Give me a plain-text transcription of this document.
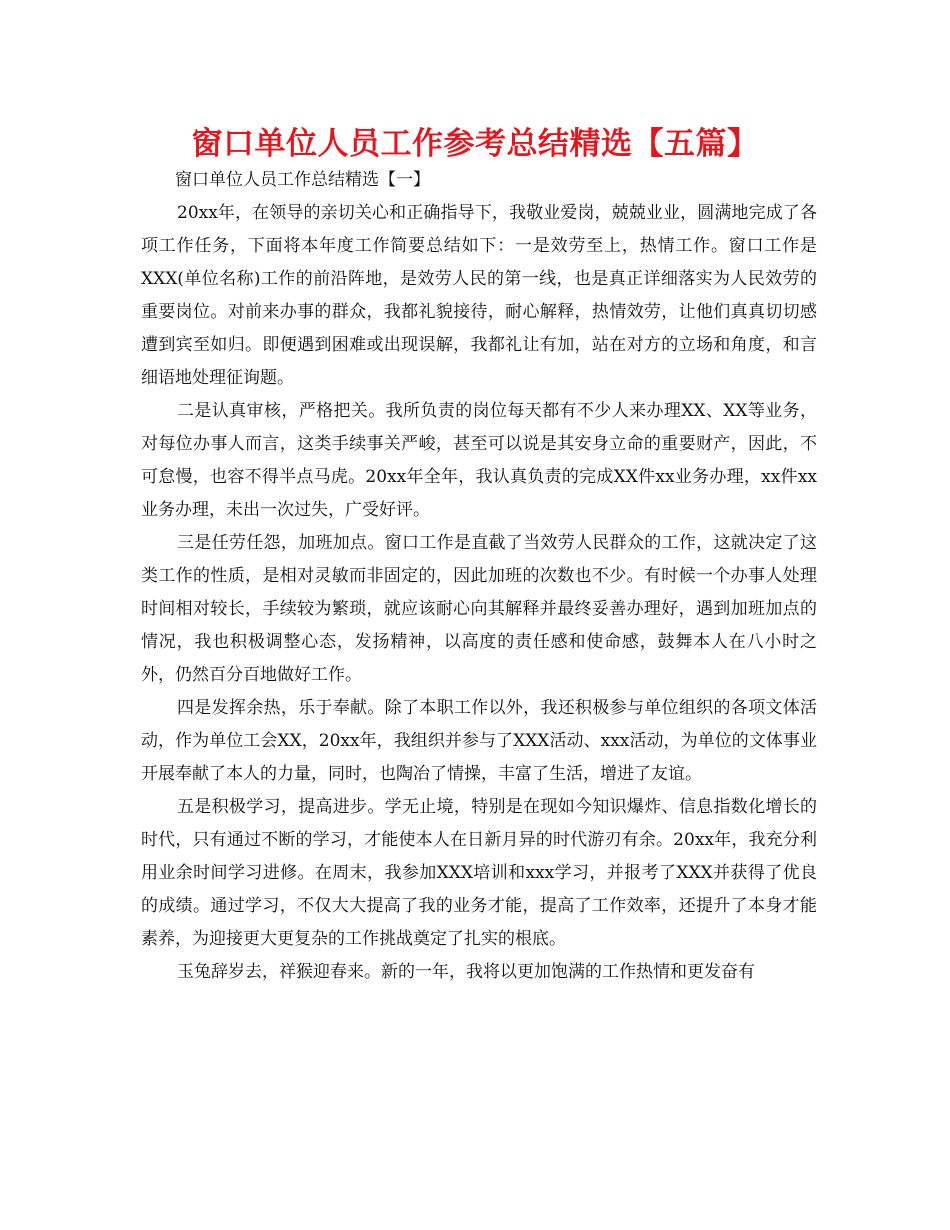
窗口单位人员工作参考总结精选【五篇】

窗口单位人员工作总结精选【一】

20xx年，在领导的亲切关心和正确指导下，我敬业爱岗，兢兢业业，圆满地完成了各项工作任务，下面将本年度工作简要总结如下：一是效劳至上，热情工作。窗口工作是XXX(单位名称)工作的前沿阵地，是效劳人民的第一线，也是真正详细落实为人民效劳的重要岗位。对前来办事的群众，我都礼貌接待，耐心解释，热情效劳，让他们真真切切感遭到宾至如归。即便遇到困难或出现误解，我都礼让有加，站在对方的立场和角度，和言细语地处理征询题。

二是认真审核，严格把关。我所负责的岗位每天都有不少人来办理XX、XX等业务，对每位办事人而言，这类手续事关严峻，甚至可以说是其安身立命的重要财产，因此，不可怠慢，也容不得半点马虎。20xx年全年，我认真负责的完成XX件xx业务办理，xx件xx业务办理，未出一次过失，广受好评。

三是任劳任怨，加班加点。窗口工作是直截了当效劳人民群众的工作，这就决定了这类工作的性质，是相对灵敏而非固定的，因此加班的次数也不少。有时候一个办事人处理时间相对较长，手续较为繁琐，就应该耐心向其解释并最终妥善办理好，遇到加班加点的情况，我也积极调整心态，发扬精神，以高度的责任感和使命感，鼓舞本人在八小时之外，仍然百分百地做好工作。

四是发挥余热，乐于奉献。除了本职工作以外，我还积极参与单位组织的各项文体活动，作为单位工会XX，20xx年，我组织并参与了XXX活动、xxx活动，为单位的文体事业开展奉献了本人的力量，同时，也陶冶了情操，丰富了生活，增进了友谊。

五是积极学习，提高进步。学无止境，特别是在现如今知识爆炸、信息指数化增长的时代，只有通过不断的学习，才能使本人在日新月异的时代游刃有余。20xx年，我充分利用业余时间学习进修。在周末，我参加XXX培训和xxx学习，并报考了XXX并获得了优良的成绩。通过学习，不仅大大提高了我的业务才能，提高了工作效率，还提升了本身才能素养，为迎接更大更复杂的工作挑战奠定了扎实的根底。

玉兔辞岁去，祥猴迎春来。新的一年，我将以更加饱满的工作热情和更发奋有
